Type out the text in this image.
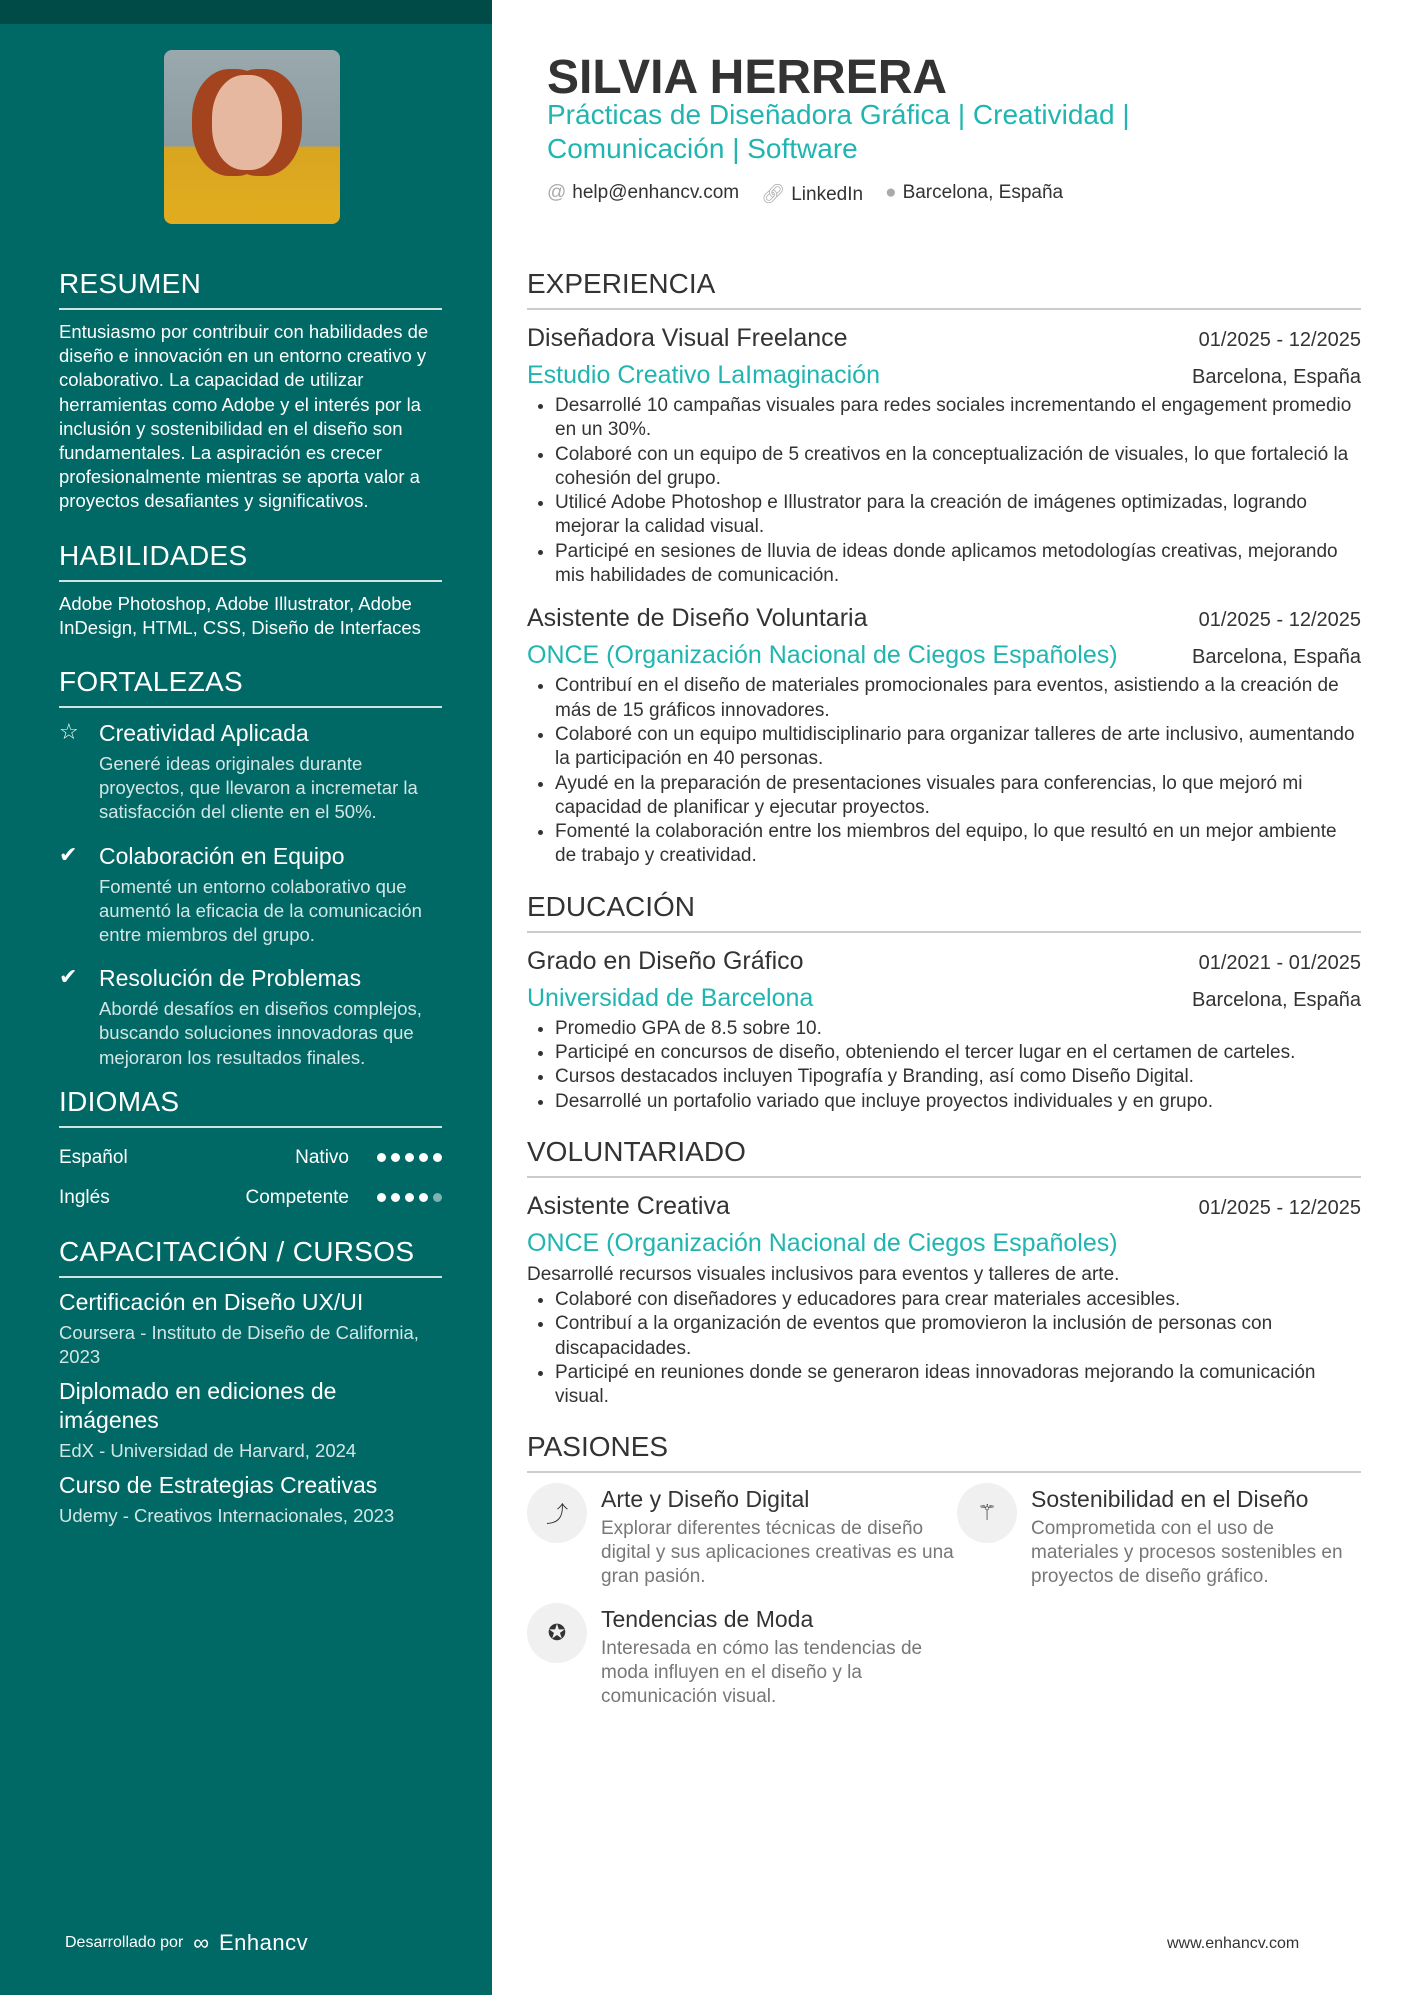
RESUMEN
Entusiasmo por contribuir con habilidades de diseño e innovación en un entorno creativo y colaborativo. La capacidad de utilizar herramientas como Adobe y el interés por la inclusión y sostenibilidad en el diseño son fundamentales. La aspiración es crecer profesionalmente mientras se aporta valor a proyectos desafiantes y significativos.
HABILIDADES
Adobe Photoshop, Adobe Illustrator, Adobe InDesign, HTML, CSS, Diseño de Interfaces
FORTALEZAS
☆ Creatividad Aplicada
Generé ideas originales durante proyectos, que llevaron a incremetar la satisfacción del cliente en el 50%.
✔ Colaboración en Equipo
Fomenté un entorno colaborativo que aumentó la eficacia de la comunicación entre miembros del grupo.
✔ Resolución de Problemas
Abordé desafíos en diseños complejos, buscando soluciones innovadoras que mejoraron los resultados finales.
IDIOMAS
Español	Nativo
Inglés	Competente
CAPACITACIÓN / CURSOS
Certificación en Diseño UX/UI
Coursera - Instituto de Diseño de California, 2023
Diplomado en ediciones de imágenes
EdX - Universidad de Harvard, 2024
Curso de Estrategias Creativas
Udemy - Creativos Internacionales, 2023
Desarrollado por ∞ Enhancv
SILVIA HERRERA
Prácticas de Diseñadora Gráfica | Creatividad | Comunicación | Software
@ help@enhancv.com 🔗︎ LinkedIn ● Barcelona, España
EXPERIENCIA
Diseñadora Visual Freelance	01/2025 - 12/2025
Estudio Creativo LaImaginación	Barcelona, España
• Desarrollé 10 campañas visuales para redes sociales incrementando el engagement promedio en un 30%.
• Colaboré con un equipo de 5 creativos en la conceptualización de visuales, lo que fortaleció la cohesión del grupo.
• Utilicé Adobe Photoshop e Illustrator para la creación de imágenes optimizadas, logrando mejorar la calidad visual.
• Participé en sesiones de lluvia de ideas donde aplicamos metodologías creativas, mejorando mis habilidades de comunicación.
Asistente de Diseño Voluntaria	01/2025 - 12/2025
ONCE (Organización Nacional de Ciegos Españoles)	Barcelona, España
• Contribuí en el diseño de materiales promocionales para eventos, asistiendo a la creación de más de 15 gráficos innovadores.
• Colaboré con un equipo multidisciplinario para organizar talleres de arte inclusivo, aumentando la participación en 40 personas.
• Ayudé en la preparación de presentaciones visuales para conferencias, lo que mejoró mi capacidad de planificar y ejecutar proyectos.
• Fomenté la colaboración entre los miembros del equipo, lo que resultó en un mejor ambiente de trabajo y creatividad.
EDUCACIÓN
Grado en Diseño Gráfico	01/2021 - 01/2025
Universidad de Barcelona	Barcelona, España
• Promedio GPA de 8.5 sobre 10.
• Participé en concursos de diseño, obteniendo el tercer lugar en el certamen de carteles.
• Cursos destacados incluyen Tipografía y Branding, así como Diseño Digital.
• Desarrollé un portafolio variado que incluye proyectos individuales y en grupo.
VOLUNTARIADO
Asistente Creativa	01/2025 - 12/2025
ONCE (Organización Nacional de Ciegos Españoles)
Desarrollé recursos visuales inclusivos para eventos y talleres de arte.
• Colaboré con diseñadores y educadores para crear materiales accesibles.
• Contribuí a la organización de eventos que promovieron la inclusión de personas con discapacidades.
• Participé en reuniones donde se generaron ideas innovadoras mejorando la comunicación visual.
PASIONES
⤴
Arte y Diseño Digital
Explorar diferentes técnicas de diseño digital y sus aplicaciones creativas es una gran pasión.
⚚
Sostenibilidad en el Diseño
Comprometida con el uso de materiales y procesos sostenibles en proyectos de diseño gráfico.
✪
Tendencias de Moda
Interesada en cómo las tendencias de moda influyen en el diseño y la comunicación visual.
www.enhancv.com
